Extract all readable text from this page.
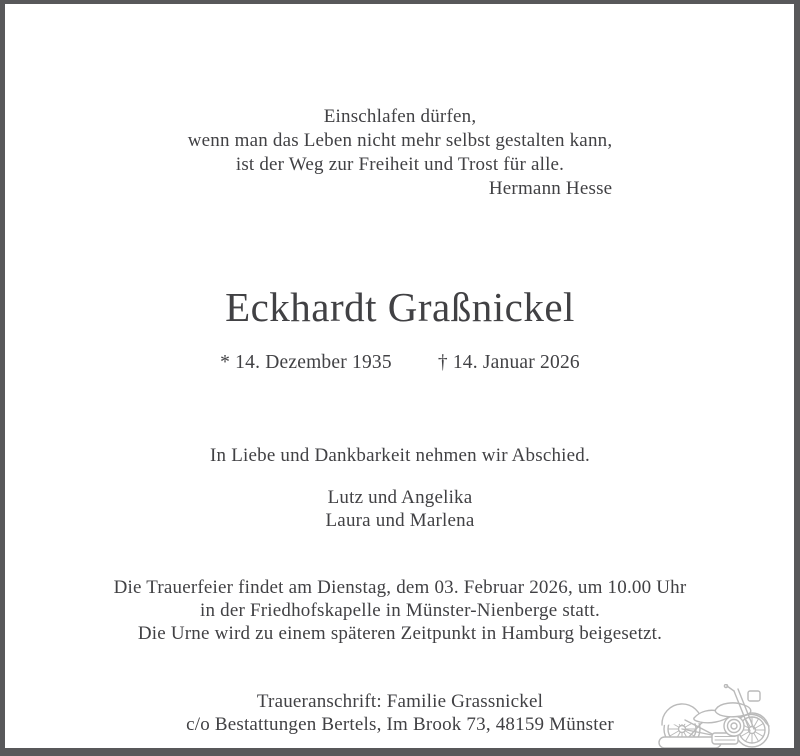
Einschlafen dürfen,
wenn man das Leben nicht mehr selbst gestalten kann,
ist der Weg zur Freiheit und Trost für alle.
Hermann Hesse
Eckhardt Graßnickel
* 14. Dezember 1935 † 14. Januar 2026
In Liebe und Dankbarkeit nehmen wir Abschied.
Lutz und Angelika
Laura und Marlena
Die Trauerfeier findet am Dienstag, dem 03. Februar 2026, um 10.00 Uhr
in der Friedhofskapelle in Münster-Nienberge statt.
Die Urne wird zu einem späteren Zeitpunkt in Hamburg beigesetzt.
Traueranschrift: Familie Grassnickel
c/o Bestattungen Bertels, Im Brook 73, 48159 Münster
